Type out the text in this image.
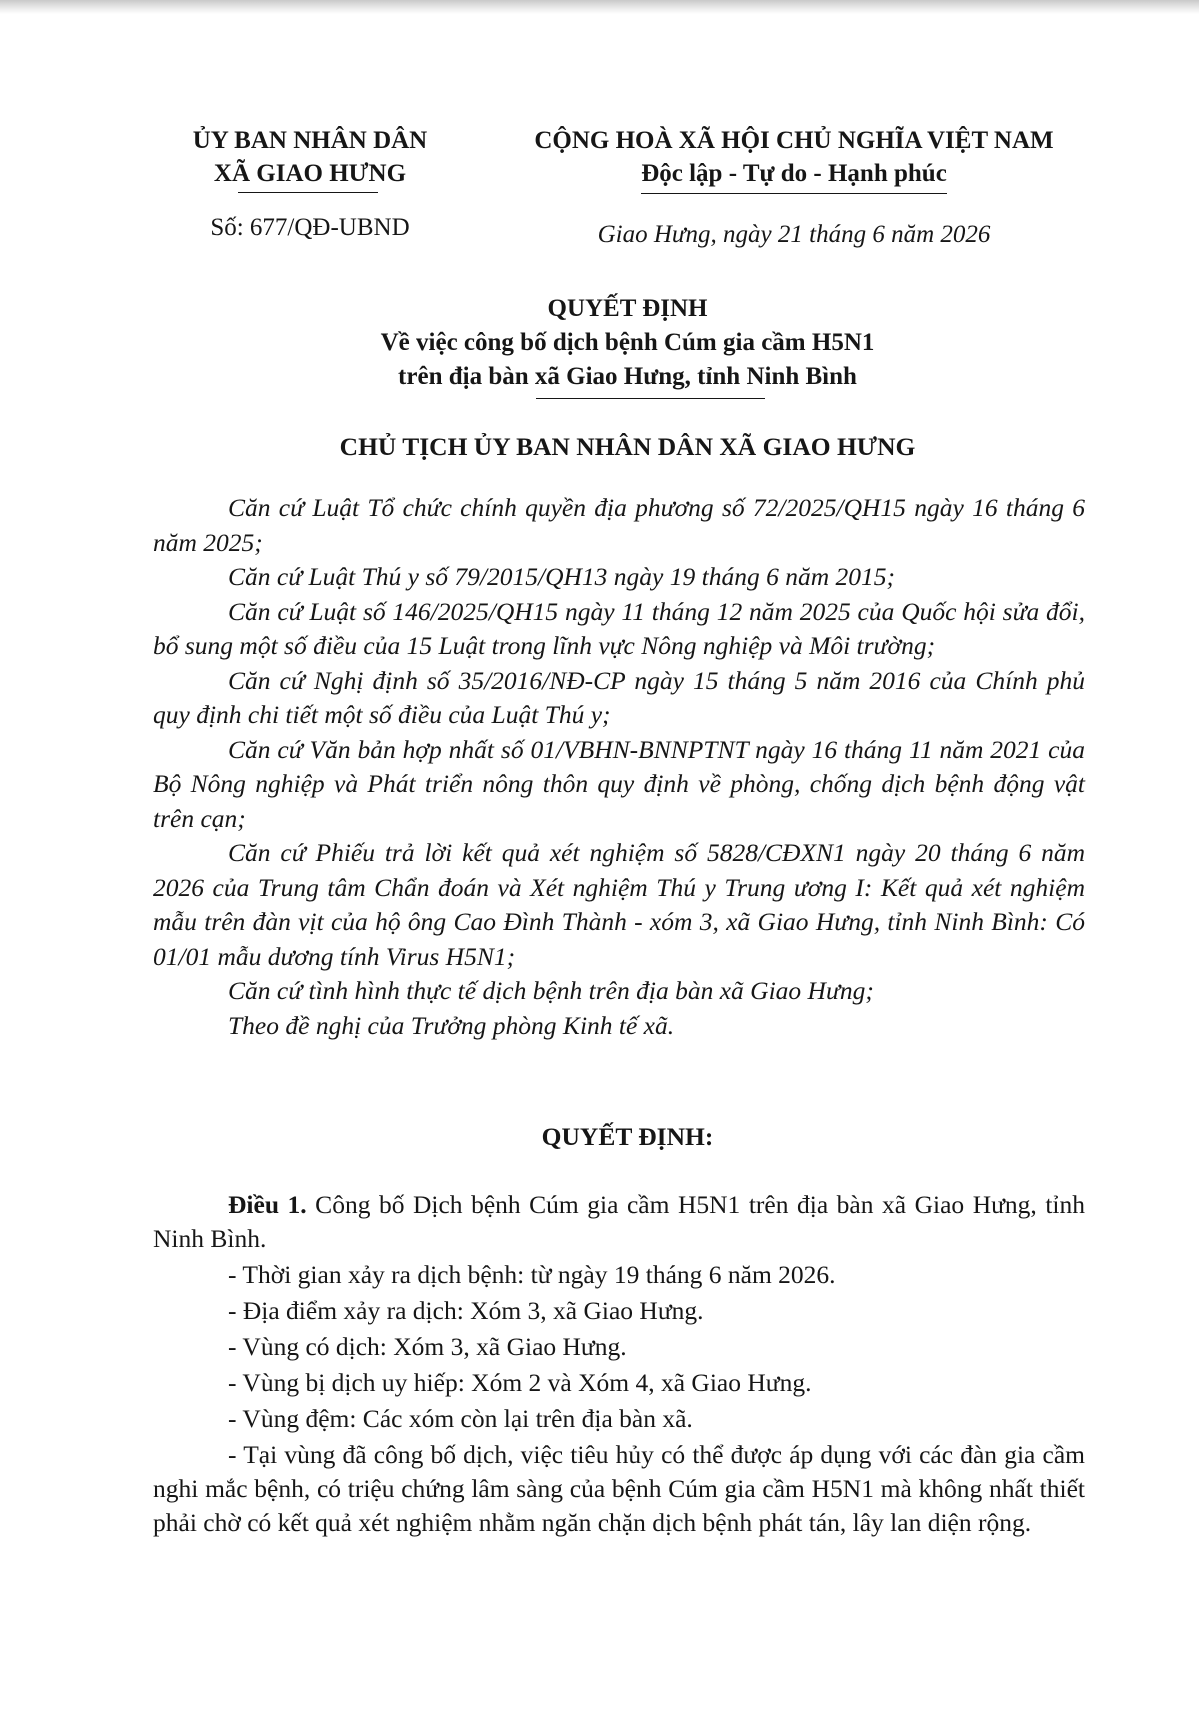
ỦY BAN NHÂN DÂN
XÃ GIAO HƯNG
CỘNG HOÀ XÃ HỘI CHỦ NGHĨA VIỆT NAM
Độc lập - Tự do - Hạnh phúc
Số: 677/QĐ-UBND	Giao Hưng, ngày 21 tháng 6 năm 2026
QUYẾT ĐỊNH
Về việc công bố dịch bệnh Cúm gia cầm H5N1
trên địa bàn xã Giao Hưng, tỉnh Ninh Bình
CHỦ TỊCH ỦY BAN NHÂN DÂN XÃ GIAO HƯNG

Căn cứ Luật Tổ chức chính quyền địa phương số 72/2025/QH15 ngày 16 tháng 6 năm 2025;

Căn cứ Luật Thú y số 79/2015/QH13 ngày 19 tháng 6 năm 2015;

Căn cứ Luật số 146/2025/QH15 ngày 11 tháng 12 năm 2025 của Quốc hội sửa đổi, bổ sung một số điều của 15 Luật trong lĩnh vực Nông nghiệp và Môi trường;

Căn cứ Nghị định số 35/2016/NĐ-CP ngày 15 tháng 5 năm 2016 của Chính phủ quy định chi tiết một số điều của Luật Thú y;

Căn cứ Văn bản hợp nhất số 01/VBHN-BNNPTNT ngày 16 tháng 11 năm 2021 của Bộ Nông nghiệp và Phát triển nông thôn quy định về phòng, chống dịch bệnh động vật trên cạn;

Căn cứ Phiếu trả lời kết quả xét nghiệm số 5828/CĐXN1 ngày 20 tháng 6 năm 2026 của Trung tâm Chẩn đoán và Xét nghiệm Thú y Trung ương I: Kết quả xét nghiệm mẫu trên đàn vịt của hộ ông Cao Đình Thành - xóm 3, xã Giao Hưng, tỉnh Ninh Bình: Có 01/01 mẫu dương tính Virus H5N1;

Căn cứ tình hình thực tế dịch bệnh trên địa bàn xã Giao Hưng;

Theo đề nghị của Trưởng phòng Kinh tế xã.

QUYẾT ĐỊNH:

Điều 1. Công bố Dịch bệnh Cúm gia cầm H5N1 trên địa bàn xã Giao Hưng, tỉnh Ninh Bình.

- Thời gian xảy ra dịch bệnh: từ ngày 19 tháng 6 năm 2026.

- Địa điểm xảy ra dịch: Xóm 3, xã Giao Hưng.

- Vùng có dịch: Xóm 3, xã Giao Hưng.

- Vùng bị dịch uy hiếp: Xóm 2 và Xóm 4, xã Giao Hưng.

- Vùng đệm: Các xóm còn lại trên địa bàn xã.

- Tại vùng đã công bố dịch, việc tiêu hủy có thể được áp dụng với các đàn gia cầm nghi mắc bệnh, có triệu chứng lâm sàng của bệnh Cúm gia cầm H5N1 mà không nhất thiết phải chờ có kết quả xét nghiệm nhằm ngăn chặn dịch bệnh phát tán, lây lan diện rộng.
